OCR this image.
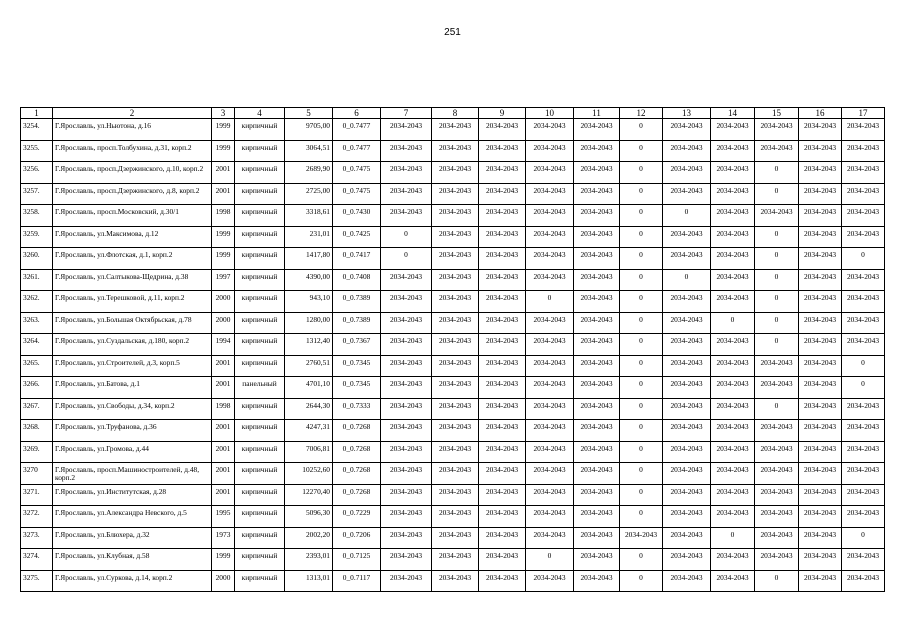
251
1	2	3	4	5	6	7	8	9	10	11	12	13	14	15	16	17
3254.	Г.Ярославль, ул.Ньютона, д.16	1999	кирпичный	9705,00	0_0.7477	2034-2043	2034-2043	2034-2043	2034-2043	2034-2043	0	2034-2043	2034-2043	2034-2043	2034-2043	2034-2043
3255.	Г.Ярославль, просп.Толбухина, д.31, корп.2	1999	кирпичный	3064,51	0_0.7477	2034-2043	2034-2043	2034-2043	2034-2043	2034-2043	0	2034-2043	2034-2043	2034-2043	2034-2043	2034-2043
3256.	Г.Ярославль, просп.Дзержинского, д.10, корп.2	2001	кирпичный	2689,90	0_0.7475	2034-2043	2034-2043	2034-2043	2034-2043	2034-2043	0	2034-2043	2034-2043	0	2034-2043	2034-2043
3257.	Г.Ярославль, просп.Дзержинского, д.8, корп.2	2001	кирпичный	2725,00	0_0.7475	2034-2043	2034-2043	2034-2043	2034-2043	2034-2043	0	2034-2043	2034-2043	0	2034-2043	2034-2043
3258.	Г.Ярославль, просп.Московский, д.30/1	1998	кирпичный	3318,61	0_0.7430	2034-2043	2034-2043	2034-2043	2034-2043	2034-2043	0	0	2034-2043	2034-2043	2034-2043	2034-2043
3259.	Г.Ярославль, ул.Максимова, д.12	1999	кирпичный	231,01	0_0.7425	0	2034-2043	2034-2043	2034-2043	2034-2043	0	2034-2043	2034-2043	0	2034-2043	2034-2043
3260.	Г.Ярославль, ул.Флотская, д.1, корп.2	1999	кирпичный	1417,80	0_0.7417	0	2034-2043	2034-2043	2034-2043	2034-2043	0	2034-2043	2034-2043	0	2034-2043	0
3261.	Г.Ярославль, ул.Салтыкова-Щедрина, д.38	1997	кирпичный	4390,00	0_0.7408	2034-2043	2034-2043	2034-2043	2034-2043	2034-2043	0	0	2034-2043	0	2034-2043	2034-2043
3262.	Г.Ярославль, ул.Терешковой, д.11, корп.2	2000	кирпичный	943,10	0_0.7389	2034-2043	2034-2043	2034-2043	0	2034-2043	0	2034-2043	2034-2043	0	2034-2043	2034-2043
3263.	Г.Ярославль, ул.Большая Октябрьская, д.78	2000	кирпичный	1280,00	0_0.7389	2034-2043	2034-2043	2034-2043	2034-2043	2034-2043	0	2034-2043	0	0	2034-2043	2034-2043
3264.	Г.Ярославль, ул.Суздальская, д.180, корп.2	1994	кирпичный	1312,40	0_0.7367	2034-2043	2034-2043	2034-2043	2034-2043	2034-2043	0	2034-2043	2034-2043	0	2034-2043	2034-2043
3265.	Г.Ярославль, ул.Строителей, д.3, корп.5	2001	кирпичный	2760,51	0_0.7345	2034-2043	2034-2043	2034-2043	2034-2043	2034-2043	0	2034-2043	2034-2043	2034-2043	2034-2043	0
3266.	Г.Ярославль, ул.Батова, д.1	2001	панельный	4701,10	0_0.7345	2034-2043	2034-2043	2034-2043	2034-2043	2034-2043	0	2034-2043	2034-2043	2034-2043	2034-2043	0
3267.	Г.Ярославль, ул.Свободы, д.34, корп.2	1998	кирпичный	2644,30	0_0.7333	2034-2043	2034-2043	2034-2043	2034-2043	2034-2043	0	2034-2043	2034-2043	0	2034-2043	2034-2043
3268.	Г.Ярославль, ул.Труфанова, д.36	2001	кирпичный	4247,31	0_0.7268	2034-2043	2034-2043	2034-2043	2034-2043	2034-2043	0	2034-2043	2034-2043	2034-2043	2034-2043	2034-2043
3269.	Г.Ярославль, ул.Громова, д.44	2001	кирпичный	7006,81	0_0.7268	2034-2043	2034-2043	2034-2043	2034-2043	2034-2043	0	2034-2043	2034-2043	2034-2043	2034-2043	2034-2043
3270	Г.Ярославль, просп.Машиностроителей, д.48, корп.2	2001	кирпичный	10252,60	0_0.7268	2034-2043	2034-2043	2034-2043	2034-2043	2034-2043	0	2034-2043	2034-2043	2034-2043	2034-2043	2034-2043
3271.	Г.Ярославль, ул.Институтская, д.28	2001	кирпичный	12270,40	0_0.7268	2034-2043	2034-2043	2034-2043	2034-2043	2034-2043	0	2034-2043	2034-2043	2034-2043	2034-2043	2034-2043
3272.	Г.Ярославль, ул.Александра Невского, д.5	1995	кирпичный	5096,30	0_0.7229	2034-2043	2034-2043	2034-2043	2034-2043	2034-2043	0	2034-2043	2034-2043	2034-2043	2034-2043	2034-2043
3273.	Г.Ярославль, ул.Блюхера, д.32	1973	кирпичный	2002,20	0_0.7206	2034-2043	2034-2043	2034-2043	2034-2043	2034-2043	2034-2043	2034-2043	0	2034-2043	2034-2043	0
3274.	Г.Ярославль, ул.Клубная, д.58	1999	кирпичный	2393,01	0_0.7125	2034-2043	2034-2043	2034-2043	0	2034-2043	0	2034-2043	2034-2043	2034-2043	2034-2043	2034-2043
3275.	Г.Ярославль, ул.Суркова, д.14, корп.2	2000	кирпичный	1313,01	0_0.7117	2034-2043	2034-2043	2034-2043	2034-2043	2034-2043	0	2034-2043	2034-2043	0	2034-2043	2034-2043
